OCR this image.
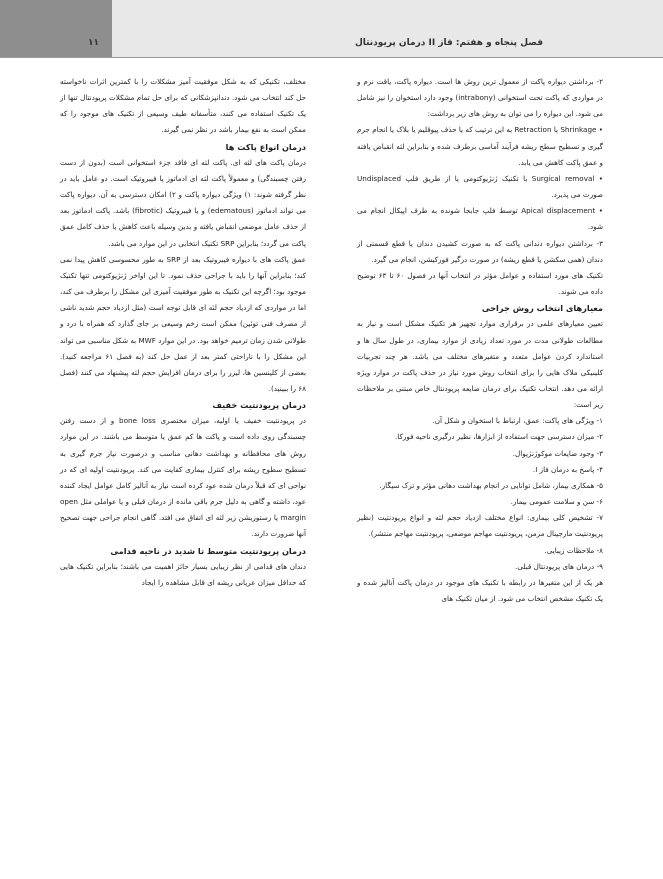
فصل پنجاه و هفتم: فاز II درمان پریودنتال
۱۱

۲- برداشتن دیواره پاکت از معمول ترین روش ها است. دیواره پاکت، یاقت نرم و در مواردی که پاکت تحت استخوانی (intrabony) وجود دارد استخوان را نیز شامل می شود. این دیواره را می توان به روش های زیر برداشت:

• Shrinkage یا Retraction به این ترتیب که یا حذف پیوقلیم یا بلاک یا انجام جرم گیری و تسطیح سطح ریشه فرآیند آماسی برطرف شده و بنابراین لثه انقباض یافته و عمق پاکت کاهش می یابد.

• Surgical removal با تکنیک ژنژیوکتومی یا از طریق فلپ Undisplaced صورت می پذیرد.

• Apical displacement توسط فلپ جابجا شونده به طرف اپیکال انجام می شود.

۳- برداشتن دیواره دندانی پاکت که به صورت کشیدن دندان یا قطع قسمتی از دندان (همی سکشن یا قطع ریشه) در صورت درگیر فورکیشن، انجام می گیرد.

تکنیک های مورد استفاده و عوامل مؤثر در انتخاب آنها در فصول ۶۰ تا ۶۳ توضیح داده می شوند.

معیارهای انتخاب روش جراحی

تعیین معیارهای علمی در برقراری موارد تجهیز هر تکنیک مشکل است و نیاز به مطالعات طولانی مدت در مورد تعداد زیادی از موارد بیماری، در طول سال ها و استاندارد کردن عوامل متعدد و متغیرهای مختلف می باشد. هر چند تجربیات کلینیکی ملاک هایی را برای انتخاب روش مورد نیاز در حذف پاکت در موارد ویژه ارائه می دهد. انتخاب تکنیک برای درمان ضایعه پریودنتال خاص مبتنی بر ملاحظات زیر است:

۱- ویژگی های پاکت: عمق، ارتباط با استخوان و شکل آن.

۲- میزان دسترسی جهت استفاده از ابزارها، نظیر درگیری ناحیه فورکا.

۳- وجود ضایعات موکوژنژیوال.

۴- پاسخ به درمان فاز I.

۵- همکاری بیمار، شامل توانایی در انجام بهداشت دهانی مؤثر و ترک سیگار.

۶- سن و سلامت عمومی بیمار.

۷- تشخیص کلی بیماری: انواع مختلف ازدیاد حجم لثه و انواع پریودنتیت (نظیر پریودنتیت مارجینال مزمن، پریودنتیت مهاجم موضعی، پریودنتیت مهاجم منتشر).

۸- ملاحظات زیبایی.

۹- درمان های پریودنتال قبلی.

هر یک از این متغیرها در رابطه با تکنیک های موجود در درمان پاکت آنالیز شده و یک تکنیک مشخص انتخاب می شود. از میان تکنیک های

مختلف، تکنیکی که به شکل موفقیت آمیز مشکلات را با کمترین اثرات ناخواسته حل کند انتخاب می شود. دندانپزشکانی که برای حل تمام مشکلات پریودنتال تنها از یک تکنیک استفاده می کنند، متأسفانه طیف وسیعی از تکنیک های موجود را که ممکن است به نفع بیمار باشد در نظر نمی گیرند.

درمان انواع پاکت ها

درمان پاکت های لثه ای. پاکت لثه ای فاقد جزء استخوانی است (بدون از دست رفتن چسبندگی) و معمولاً پاکت لثه ای ادماتوز یا فیبروتیک است. دو عامل باید در نظر گرفته شوند: ۱) ویژگی دیواره پاکت و ۲) امکان دسترسی به آن. دیواره پاکت می تواند ادماتوز (edematous) و یا فیبروتیک (fibrotic) باشد. پاکت ادماتوز بعد از حذف عامل موضعی انقباض یافته و بدین وسیله باعث کاهش یا حذف کامل عمق پاکت می گردد؛ بنابراین SRP تکنیک انتخابی در این موارد می باشد.

عمق پاکت های با دیواره فیبروتیک بعد از SRP به طور محسوسی کاهش پیدا نمی کند؛ بنابراین آنها را باید با جراحی حذف نمود. تا این اواخر ژنژیوکتومی تنها تکنیک موجود بود؛ اگرچه این تکنیک به طور موفقیت آمیزی این مشکل را برطرف می کند، اما در مواردی که ازدیاد حجم لثه ای قابل توجه است (مثل ازدیاد حجم شدید ناشی از مصرف فنی توئین) ممکن است زخم وسیعی بر جای گذارد که همراه با درد و طولانی شدن زمان ترمیم خواهد بود. در این موارد MWF به شکل مناسبی می تواند این مشکل را با ناراحتی کمتر بعد از عمل حل کند (به فصل ۶۱ مراجعه کنید). بعضی از کلینسین ها، لیزر را برای درمان افزایش حجم لثه پیشنهاد می کنند (فصل ۶۸ را ببینید).

درمان پریودنتیت خفیف

در پریودنتیت خفیف یا اولیه، میزان مختصری bone loss و از دست رفتن چسبندگی روی داده است و پاکت ها کم عمق یا متوسط می باشند. در این موارد روش های محافظانه و بهداشت دهانی مناسب و درصورت نیاز جرم گیری به تسطیح سطوح ریشه برای کنترل بیماری کفایت می کند. پریودنتیت اولیه ای که در نواحی ای که قبلاً درمان شده عود کرده است نیاز به آنالیز کامل عوامل ایجاد کننده عود، داشته و گاهی به دلیل جرم باقی مانده از درمان قبلی و یا عواملی مثل open margin یا رستوریشن زیر لثه ای اتفاق می افتد. گاهی انجام جراحی جهت تصحیح آنها ضرورت دارند.

درمان پریودنتیت متوسط تا شدید در ناحیه قدامی

دندان های قدامی از نظر زیبایی بسیار حائز اهمیت می باشند؛ بنابراین تکنیک هایی که حداقل میزان عریانی ریشه ای قابل مشاهده را ایجاد
